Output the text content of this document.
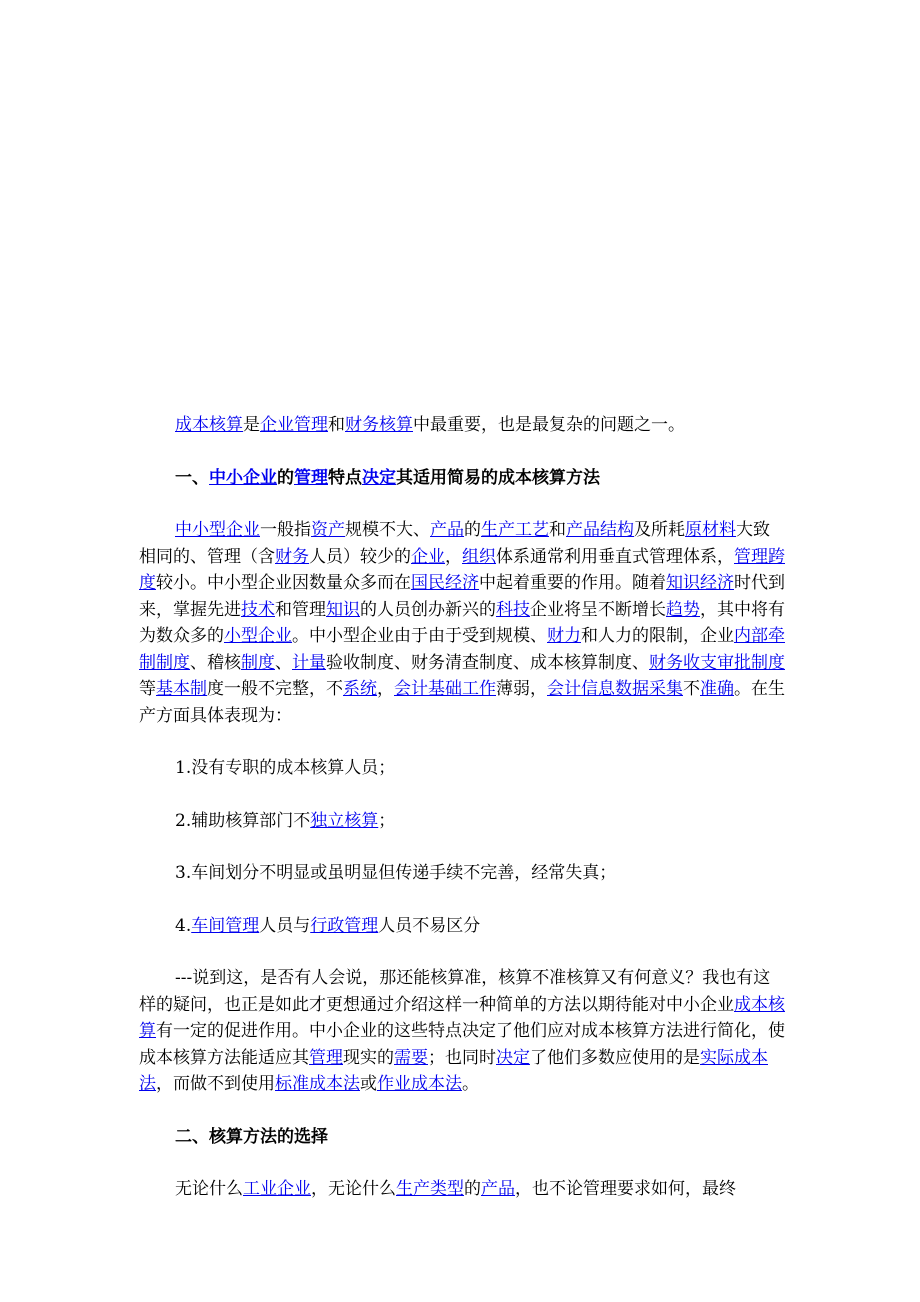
成本核算是企业管理和财务核算中最重要，也是最复杂的问题之一。

一、中小企业的管理特点决定其适用简易的成本核算方法

中小型企业一般指资产规模不大、产品的生产工艺和产品结构及所耗原材料大致相同的、管理（含财务人员）较少的企业，组织体系通常利用垂直式管理体系，管理跨度较小。中小型企业因数量众多而在国民经济中起着重要的作用。随着知识经济时代到来，掌握先进技术和管理知识的人员创办新兴的科技企业将呈不断增长趋势，其中将有为数众多的小型企业。中小型企业由于由于受到规模、财力和人力的限制，企业内部牵制制度、稽核制度、计量验收制度、财务清查制度、成本核算制度、财务收支审批制度等基本制度一般不完整，不系统，会计基础工作薄弱，会计信息数据采集不准确。在生产方面具体表现为：

1.没有专职的成本核算人员；

2.辅助核算部门不独立核算；

3.车间划分不明显或虽明显但传递手续不完善，经常失真；

4.车间管理人员与行政管理人员不易区分

---说到这，是否有人会说，那还能核算准，核算不准核算又有何意义？我也有这样的疑问，也正是如此才更想通过介绍这样一种简单的方法以期待能对中小企业成本核算有一定的促进作用。中小企业的这些特点决定了他们应对成本核算方法进行简化，使成本核算方法能适应其管理现实的需要；也同时决定了他们多数应使用的是实际成本法，而做不到使用标准成本法或作业成本法。

二、核算方法的选择

无论什么工业企业，无论什么生产类型的产品，也不论管理要求如何，最终
